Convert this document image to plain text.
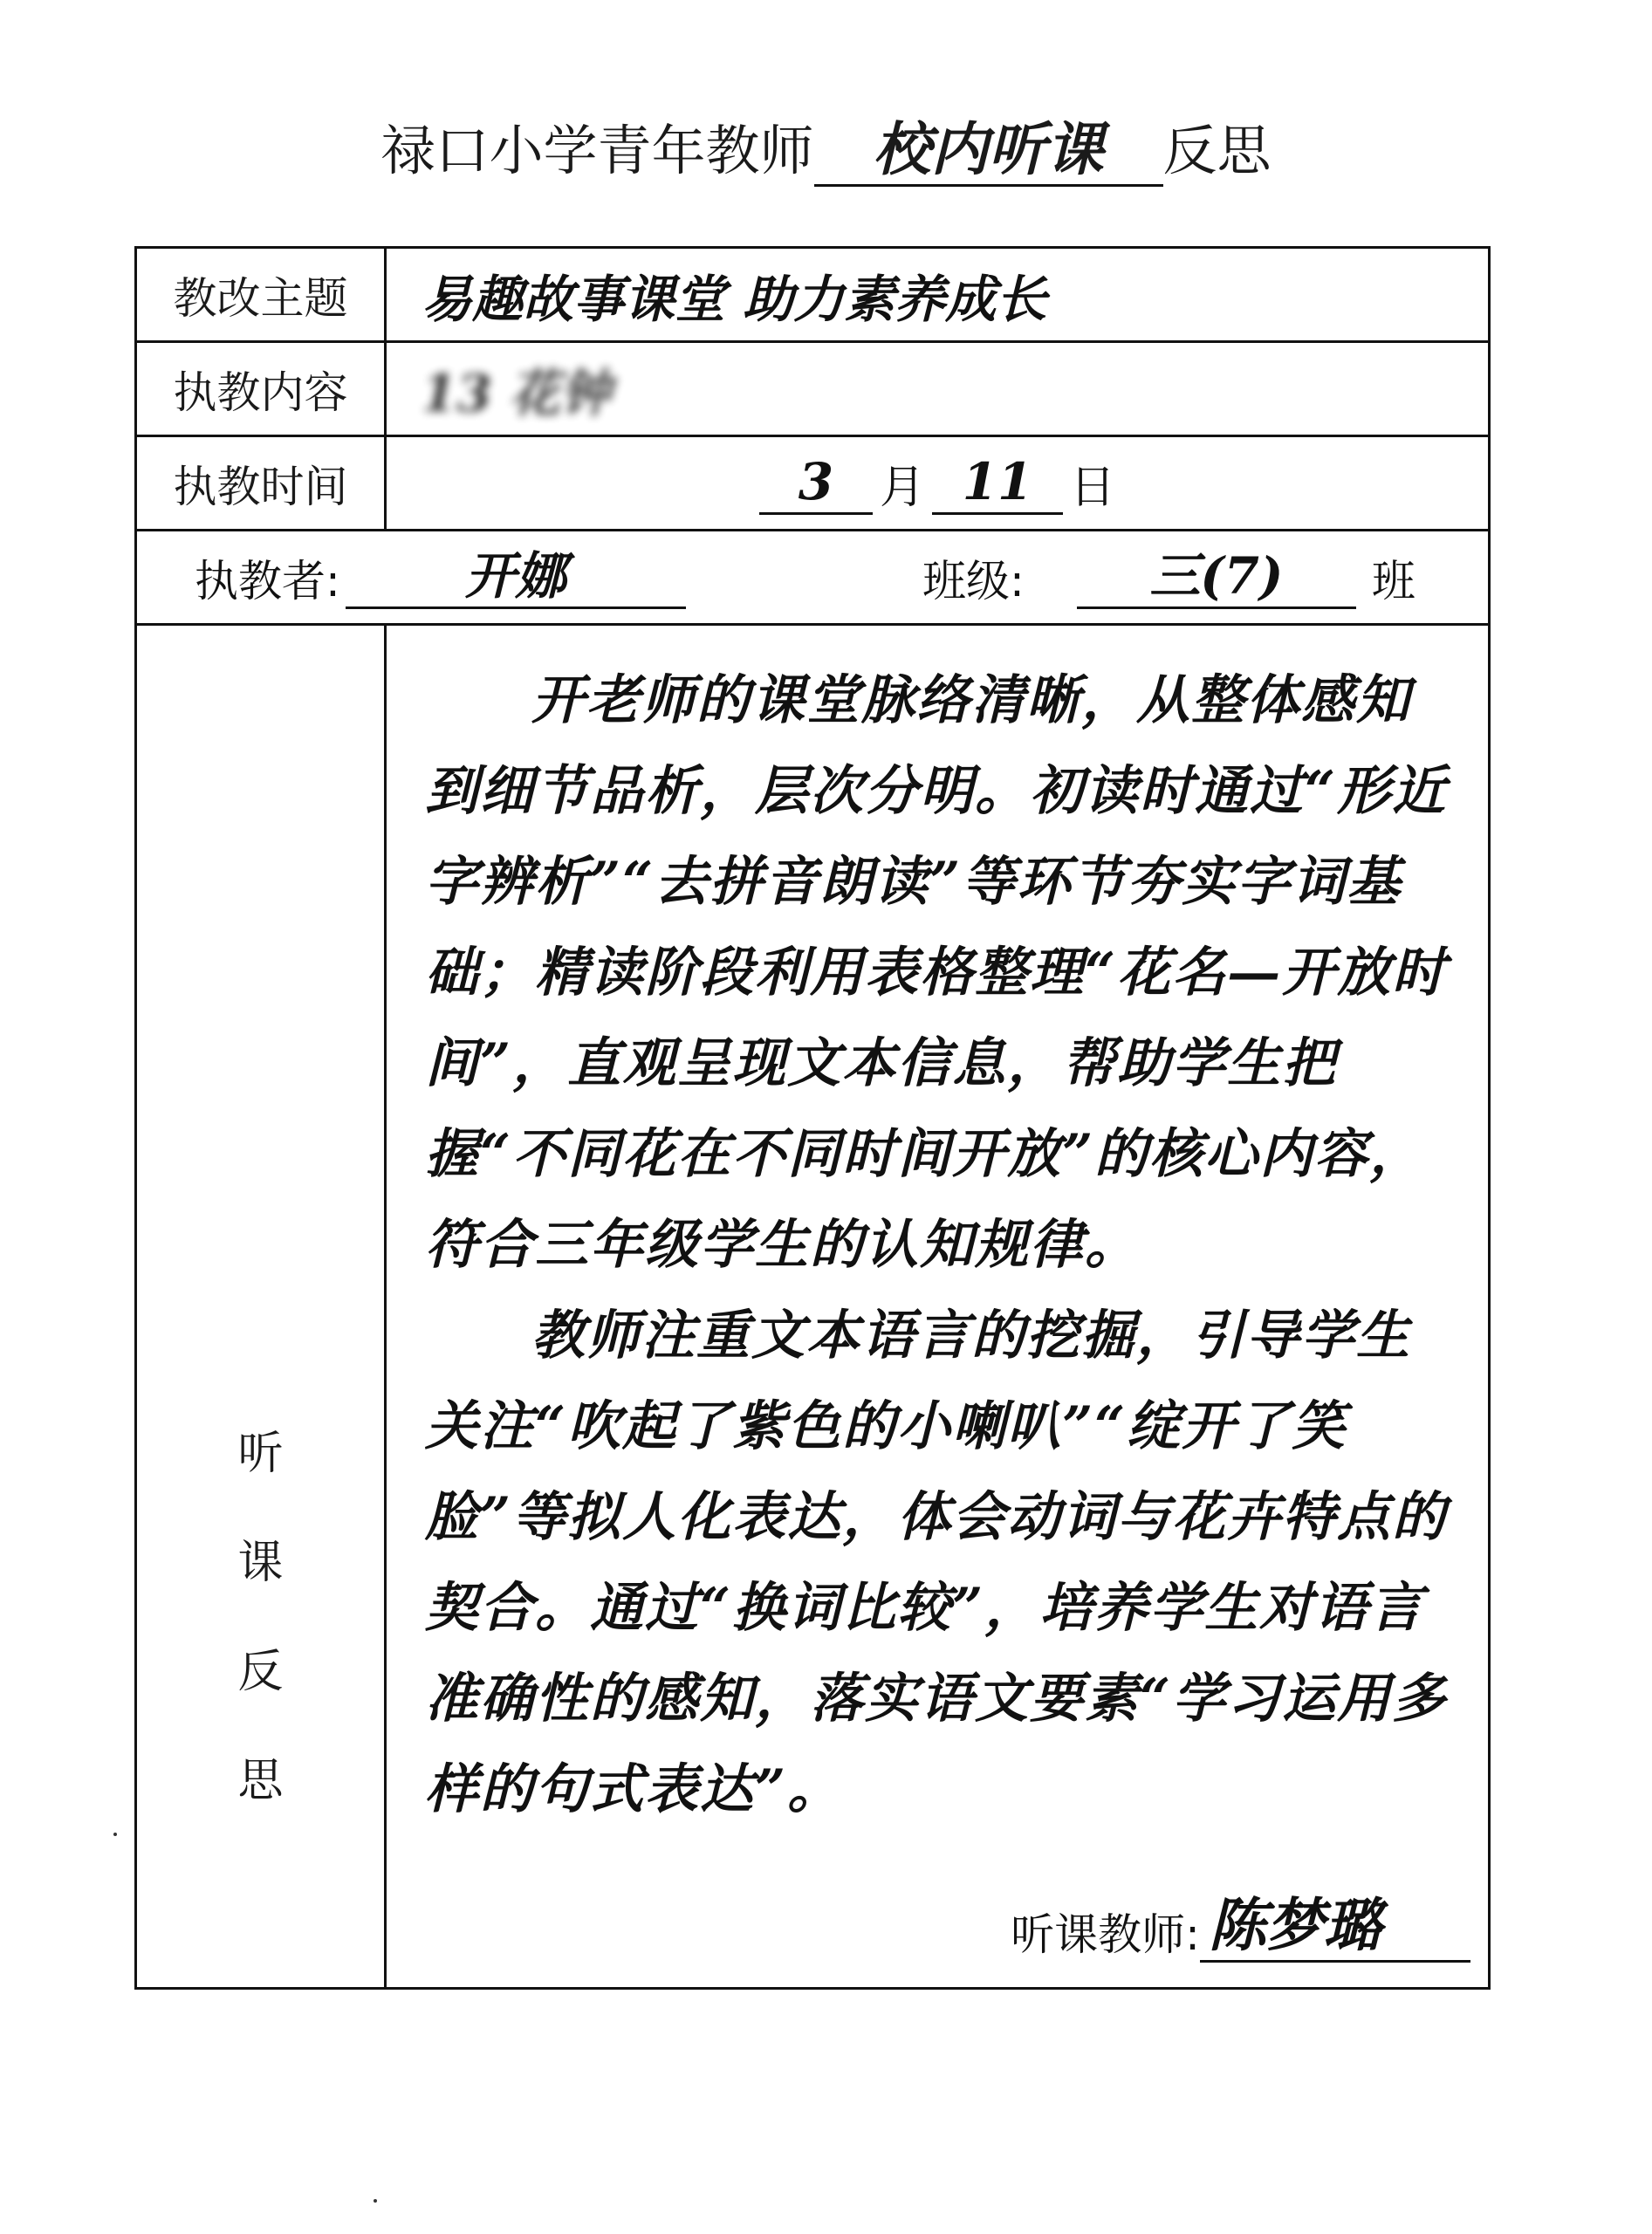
禄口小学青年教师 校内听课 反思
教改主题	易趣故事课堂 助力素养成长
执教内容	13 花钟
执教时间	3	月 11 日
执教者:	开娜	班级:	三(7)	班
听
课
反
思

开老师的课堂脉络清晰，从整体感知到细节品析，层次分明。初读时通过“形近字辨析”“去拼音朗读”等环节夯实字词基础；精读阶段利用表格整理“花名—开放时间”，直观呈现文本信息，帮助学生把握“不同花在不同时间开放”的核心内容，符合三年级学生的认知规律。

教师注重文本语言的挖掘，引导学生关注“吹起了紫色的小喇叭”“绽开了笑脸”等拟人化表达，体会动词与花卉特点的契合。通过“换词比较”，培养学生对语言准确性的感知，落实语文要素“学习运用多样的句式表达”。

听课教师: 陈梦璐
